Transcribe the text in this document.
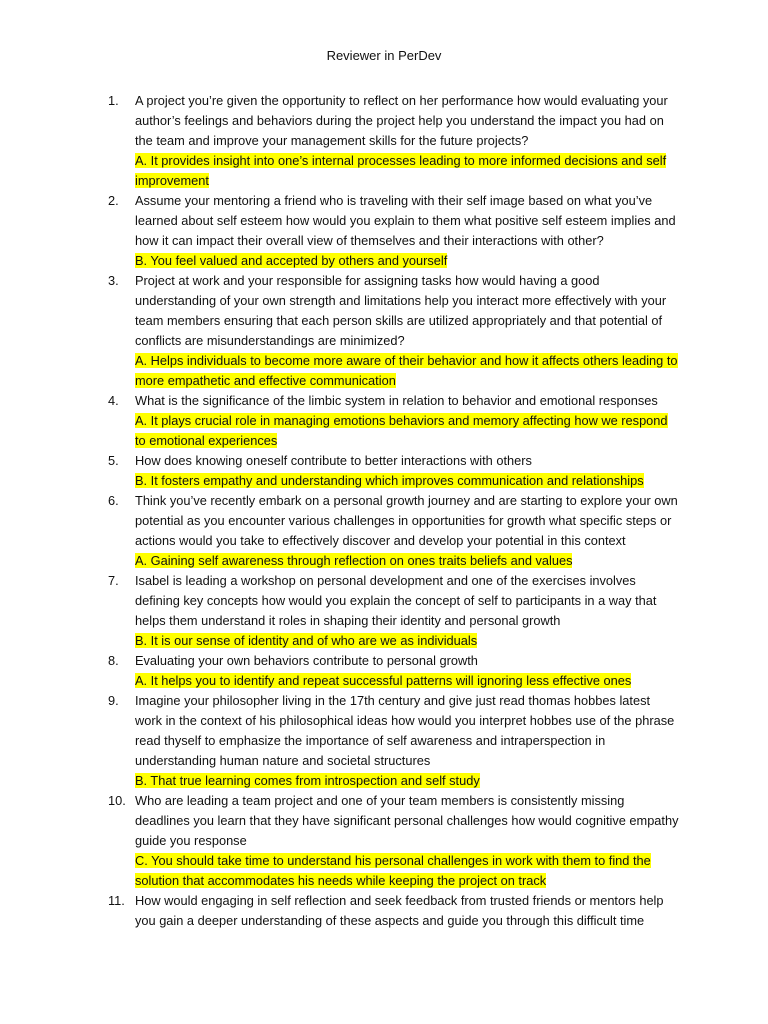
Reviewer in PerDev
1.	A project you’re given the opportunity to reflect on her performance how would evaluating your author’s feelings and behaviors during the project help you understand the impact you had on the team and improve your management skills for the future projects?
A. It provides insight into one’s internal processes leading to more informed decisions and self improvement
2.	Assume your mentoring a friend who is traveling with their self image based on what you’ve learned about self esteem how would you explain to them what positive self esteem implies and how it can impact their overall view of themselves and their interactions with other?
B. You feel valued and accepted by others and yourself
3.	Project at work and your responsible for assigning tasks how would having a good understanding of your own strength and limitations help you interact more effectively with your team members ensuring that each person skills are utilized appropriately and that potential of conflicts are misunderstandings are minimized?
A. Helps individuals to become more aware of their behavior and how it affects others leading to more empathetic and effective communication
4.	What is the significance of the limbic system in relation to behavior and emotional responses
A. It plays crucial role in managing emotions behaviors and memory affecting how we respond to emotional experiences
5.	How does knowing oneself contribute to better interactions with others
B. It fosters empathy and understanding which improves communication and relationships
6.	Think you’ve recently embark on a personal growth journey and are starting to explore your own potential as you encounter various challenges in opportunities for growth what specific steps or actions would you take to effectively discover and develop your potential in this context
A. Gaining self awareness through reflection on ones traits beliefs and values
7.	Isabel is leading a workshop on personal development and one of the exercises involves defining key concepts how would you explain the concept of self to participants in a way that helps them understand it roles in shaping their identity and personal growth
B. It is our sense of identity and of who are we as individuals
8.	Evaluating your own behaviors contribute to personal growth
A. It helps you to identify and repeat successful patterns will ignoring less effective ones
9.	Imagine your philosopher living in the 17th century and give just read thomas hobbes latest work in the context of his philosophical ideas how would you interpret hobbes use of the phrase read thyself to emphasize the importance of self awareness and intraperspection in understanding human nature and societal structures
B. That true learning comes from introspection and self study
10. Who are leading a team project and one of your team members is consistently missing deadlines you learn that they have significant personal challenges how would cognitive empathy guide you response
C. You should take time to understand his personal challenges in work with them to find the solution that accommodates his needs while keeping the project on track
11. How would engaging in self reflection and seek feedback from trusted friends or mentors help you gain a deeper understanding of these aspects and guide you through this difficult time
